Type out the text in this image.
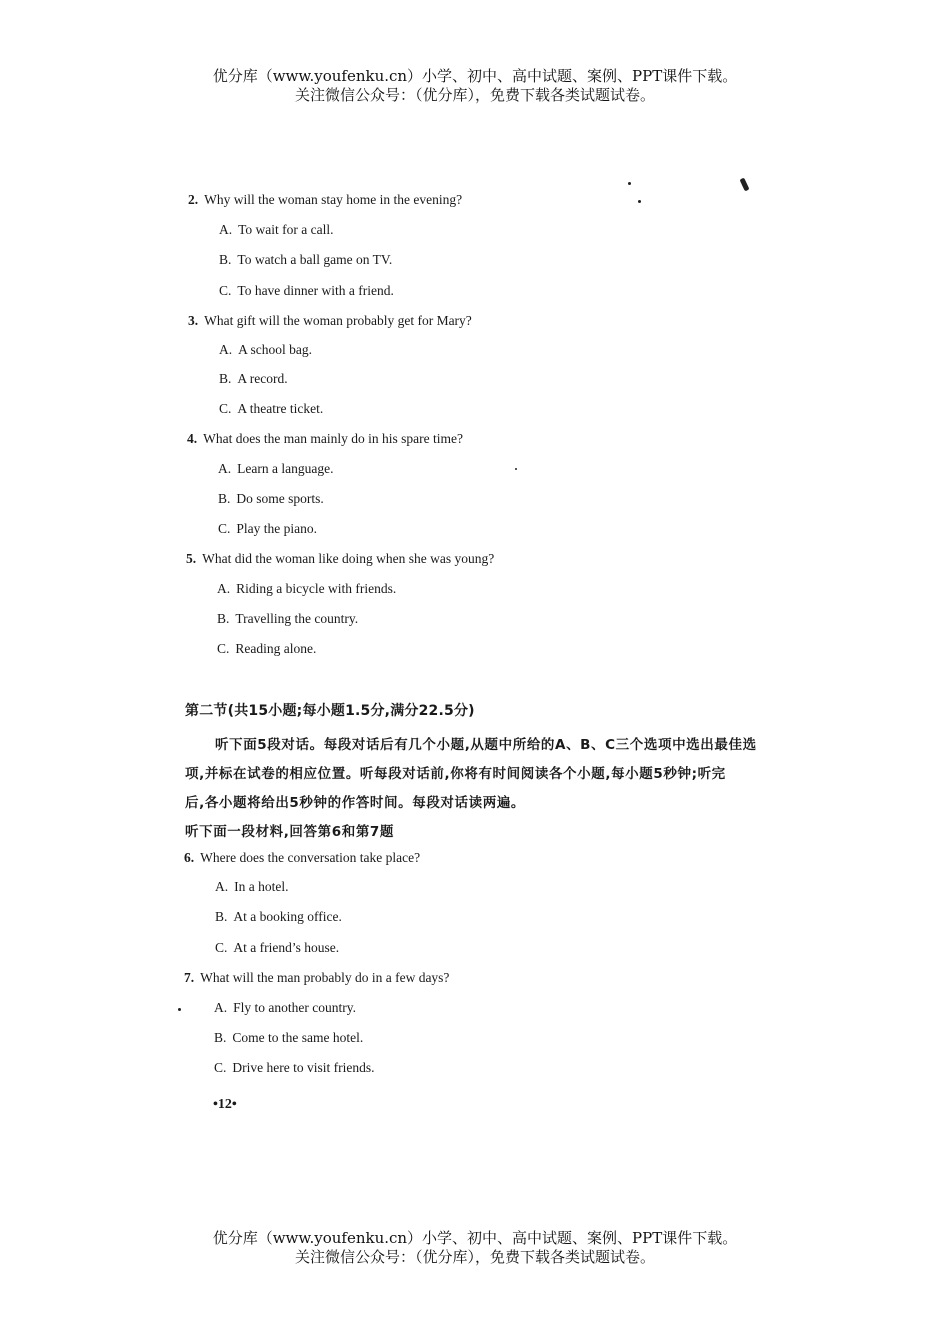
优分库（www.youfenku.cn）小学、初中、高中试题、案例、PPT课件下载。
关注微信公众号：（优分库），免费下载各类试题试卷。
2. Why will the woman stay home in the evening?
A. To wait for a call.
B. To watch a ball game on TV.
C. To have dinner with a friend.
3. What gift will the woman probably get for Mary?
A. A school bag.
B. A record.
C. A theatre ticket.
4. What does the man mainly do in his spare time?
A. Learn a language.
B. Do some sports.
C. Play the piano.
5. What did the woman like doing when she was young?
A. Riding a bicycle with friends.
B. Travelling the country.
C. Reading alone.
第二节(共15小题;每小题1.5分,满分22.5分)
听下面5段对话。每段对话后有几个小题,从题中所给的A、B、C三个选项中选出最佳选
项,并标在试卷的相应位置。听每段对话前,你将有时间阅读各个小题,每小题5秒钟;听完
后,各小题将给出5秒钟的作答时间。每段对话读两遍。
听下面一段材料,回答第6和第7题
6. Where does the conversation take place?
A. In a hotel.
B. At a booking office.
C. At a friend’s house.
7. What will the man probably do in a few days?
A. Fly to another country.
B. Come to the same hotel.
C. Drive here to visit friends.
•12•
优分库（www.youfenku.cn）小学、初中、高中试题、案例、PPT课件下载。
关注微信公众号：（优分库），免费下载各类试题试卷。
